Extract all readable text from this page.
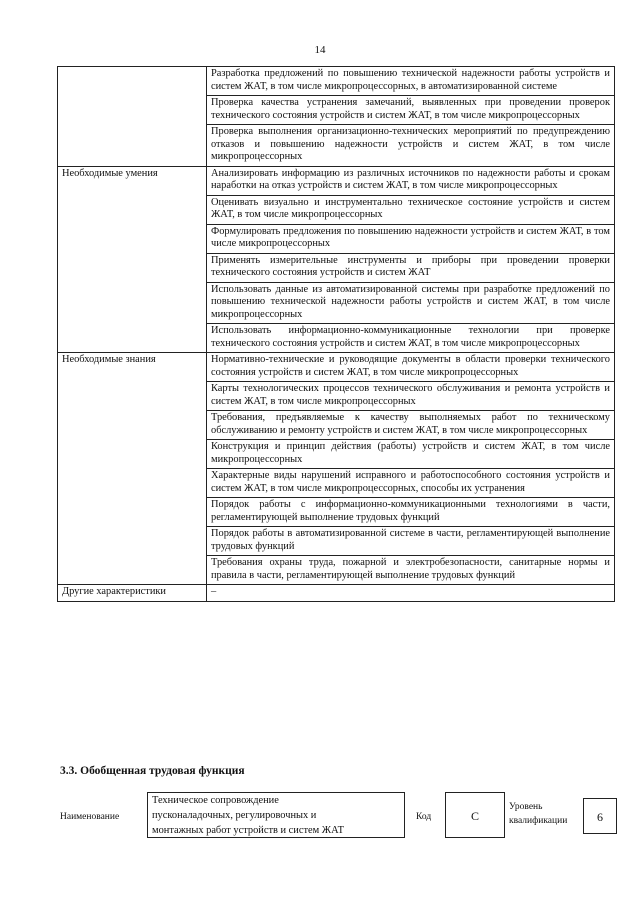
14
	Разработка предложений по повышению технической надежности работы устройств и систем ЖАТ, в том числе микропроцессорных, в автоматизированной системе
	Проверка качества устранения замечаний, выявленных при проведении проверок технического состояния устройств и систем ЖАТ, в том числе микропроцессорных
	Проверка выполнения организационно-технических мероприятий по предупреждению отказов и повышению надежности устройств и систем ЖАТ, в том числе микропроцессорных
Необходимые умения	Анализировать информацию из различных источников по надежности работы и срокам наработки на отказ устройств и систем ЖАТ, в том числе микропроцессорных
	Оценивать визуально и инструментально техническое состояние устройств и систем ЖАТ, в том числе микропроцессорных
	Формулировать предложения по повышению надежности устройств и систем ЖАТ, в том числе микропроцессорных
	Применять измерительные инструменты и приборы при проведении проверки технического состояния устройств и систем ЖАТ
	Использовать данные из автоматизированной системы при разработке предложений по повышению технической надежности работы устройств и систем ЖАТ, в том числе микропроцессорных
	Использовать информационно-коммуникационные технологии при проверке технического состояния устройств и систем ЖАТ, в том числе микропроцессорных
Необходимые знания	Нормативно-технические и руководящие документы в области проверки технического состояния устройств и систем ЖАТ, в том числе микропроцессорных
	Карты технологических процессов технического обслуживания и ремонта устройств и систем ЖАТ, в том числе микропроцессорных
	Требования, предъявляемые к качеству выполняемых работ по техническому обслуживанию и ремонту устройств и систем ЖАТ, в том числе микропроцессорных
	Конструкция и принцип действия (работы) устройств и систем ЖАТ, в том числе микропроцессорных
	Характерные виды нарушений исправного и работоспособного состояния устройств и систем ЖАТ, в том числе микропроцессорных, способы их устранения
	Порядок работы с информационно-коммуникационными технологиями в части, регламентирующей выполнение трудовых функций
	Порядок работы в автоматизированной системе в части, регламентирующей выполнение трудовых функций
	Требования охраны труда, пожарной и электробезопасности, санитарные нормы и правила в части, регламентирующей выполнение трудовых функций
Другие характеристики	–
3.3. Обобщенная трудовая функция
Наименование
Техническое сопровождение
пусконаладочных, регулировочных и
монтажных работ устройств и систем ЖАТ
Код	С
Уровень
квалификации	6
